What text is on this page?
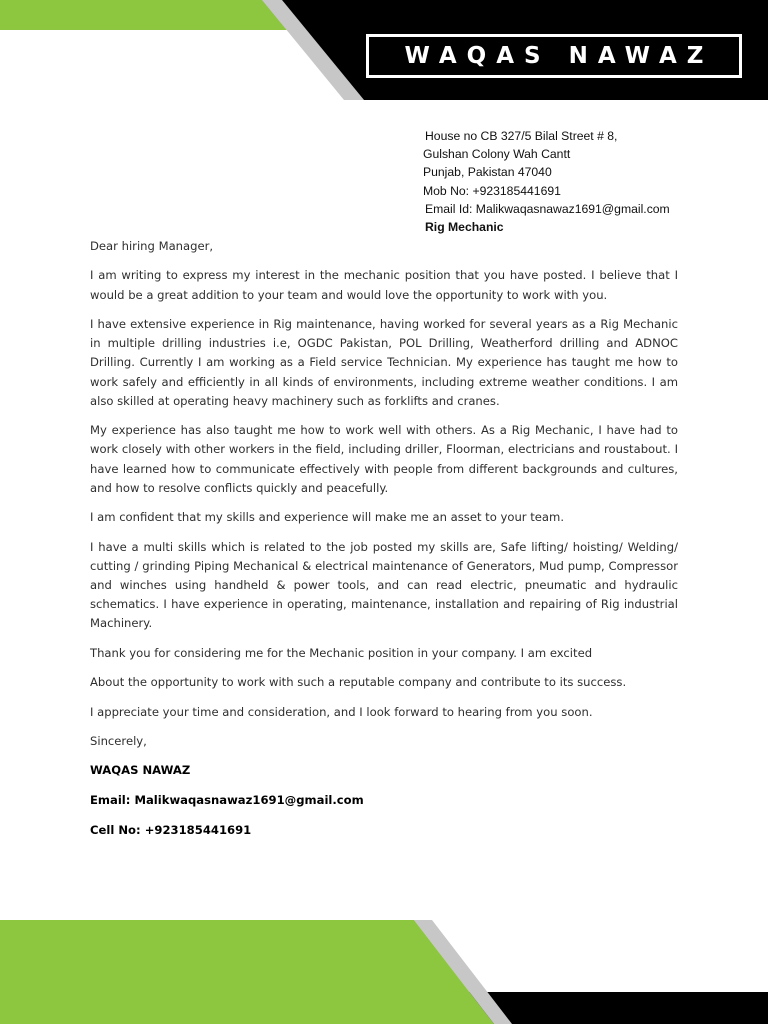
WAQAS NAWAZ
House no CB 327/5 Bilal Street # 8,
Gulshan Colony Wah Cantt
Punjab, Pakistan 47040
Mob No: +923185441691
Email Id: Malikwaqasnawaz1691@gmail.com
Rig Mechanic

Dear hiring Manager,

I am writing to express my interest in the mechanic position that you have posted. I believe that I would be a great addition to your team and would love the opportunity to work with you.

I have extensive experience in Rig maintenance, having worked for several years as a Rig Mechanic in multiple drilling industries i.e, OGDC Pakistan, POL Drilling, Weatherford drilling and ADNOC Drilling. Currently I am working as a Field service Technician. My experience has taught me how to work safely and efficiently in all kinds of environments, including extreme weather conditions. I am also skilled at operating heavy machinery such as forklifts and cranes.

My experience has also taught me how to work well with others. As a Rig Mechanic, I have had to work closely with other workers in the field, including driller, Floorman, electricians and roustabout. I have learned how to communicate effectively with people from different backgrounds and cultures, and how to resolve conflicts quickly and peacefully.

I am confident that my skills and experience will make me an asset to your team.

I have a multi skills which is related to the job posted my skills are, Safe lifting/ hoisting/ Welding/ cutting / grinding Piping Mechanical & electrical maintenance of Generators, Mud pump, Compressor and winches using handheld & power tools, and can read electric, pneumatic and hydraulic schematics. I have experience in operating, maintenance, installation and repairing of Rig industrial Machinery.

Thank you for considering me for the Mechanic position in your company. I am excited

About the opportunity to work with such a reputable company and contribute to its success.

I appreciate your time and consideration, and I look forward to hearing from you soon.

Sincerely,

WAQAS NAWAZ
Email: Malikwaqasnawaz1691@gmail.com
Cell No: +923185441691
